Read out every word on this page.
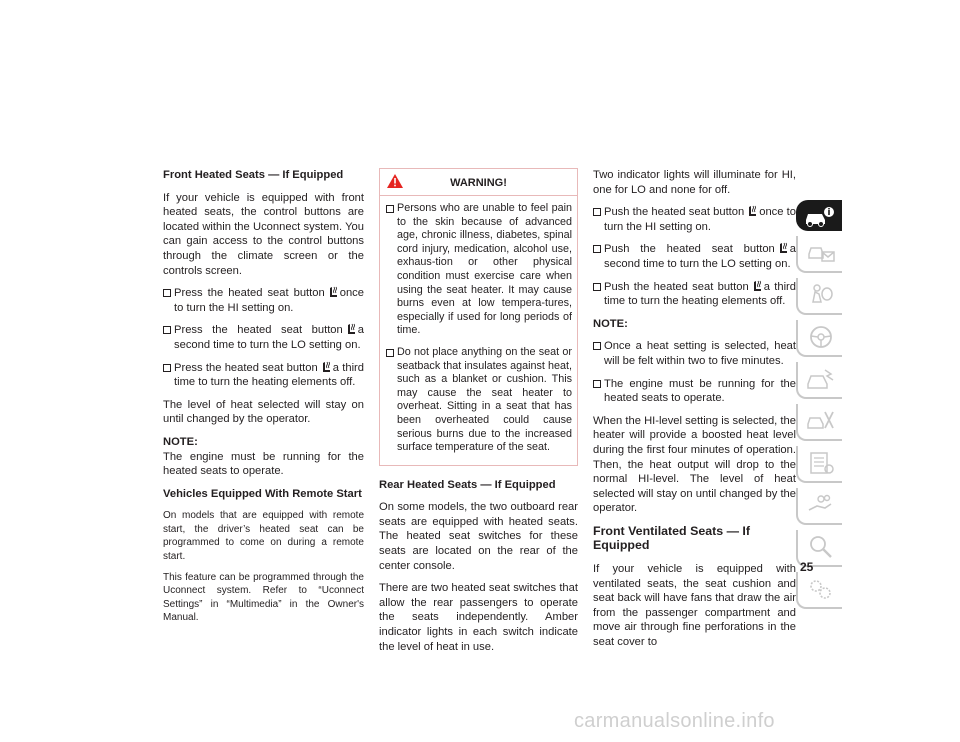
Front Heated Seats — If Equipped
If your vehicle is equipped with front heated seats, the control buttons are located within the Uconnect system. You can gain access to the control buttons through the climate screen or the controls screen.
Press the heated seat button once to turn the HI setting on.
Press the heated seat button a second time to turn the LO setting on.
Press the heated seat button a third time to turn the heating elements off.
The level of heat selected will stay on until changed by the operator.
NOTE:
The engine must be running for the heated seats to operate.
Vehicles Equipped With Remote Start
On models that are equipped with remote start, the driver’s heated seat can be programmed to come on during a remote start.
This feature can be programmed through the Uconnect system. Refer to “Uconnect Settings” in “Multimedia” in the Owner's Manual.
WARNING!
Persons who are unable to feel pain to the skin because of advanced age, chronic illness, diabetes, spinal cord injury, medication, alcohol use, exhaus-tion or other physical condition must exercise care when using the seat heater. It may cause burns even at low tempera-tures, especially if used for long periods of time.
Do not place anything on the seat or seatback that insulates against heat, such as a blanket or cushion. This may cause the seat heater to overheat. Sitting in a seat that has been overheated could cause serious burns due to the increased surface temperature of the seat.
Rear Heated Seats — If Equipped
On some models, the two outboard rear seats are equipped with heated seats. The heated seat switches for these seats are located on the rear of the center console.
There are two heated seat switches that allow the rear passengers to operate the seats independently. Amber indicator lights in each switch indicate the level of heat in use.
Two indicator lights will illuminate for HI, one for LO and none for off.
Push the heated seat button once to turn the HI setting on.
Push the heated seat button a second time to turn the LO setting on.
Push the heated seat button a third time to turn the heating elements off.
NOTE:
Once a heat setting is selected, heat will be felt within two to five minutes.
The engine must be running for the heated seats to operate.
When the HI-level setting is selected, the heater will provide a boosted heat level during the first four minutes of operation. Then, the heat output will drop to the normal HI-level. The level of heat selected will stay on until changed by the operator.
Front Ventilated Seats — If Equipped
If your vehicle is equipped with ventilated seats, the seat cushion and seat back will have fans that draw the air from the passenger compartment and move air through fine perforations in the seat cover to
25
carmanualsonline.info
